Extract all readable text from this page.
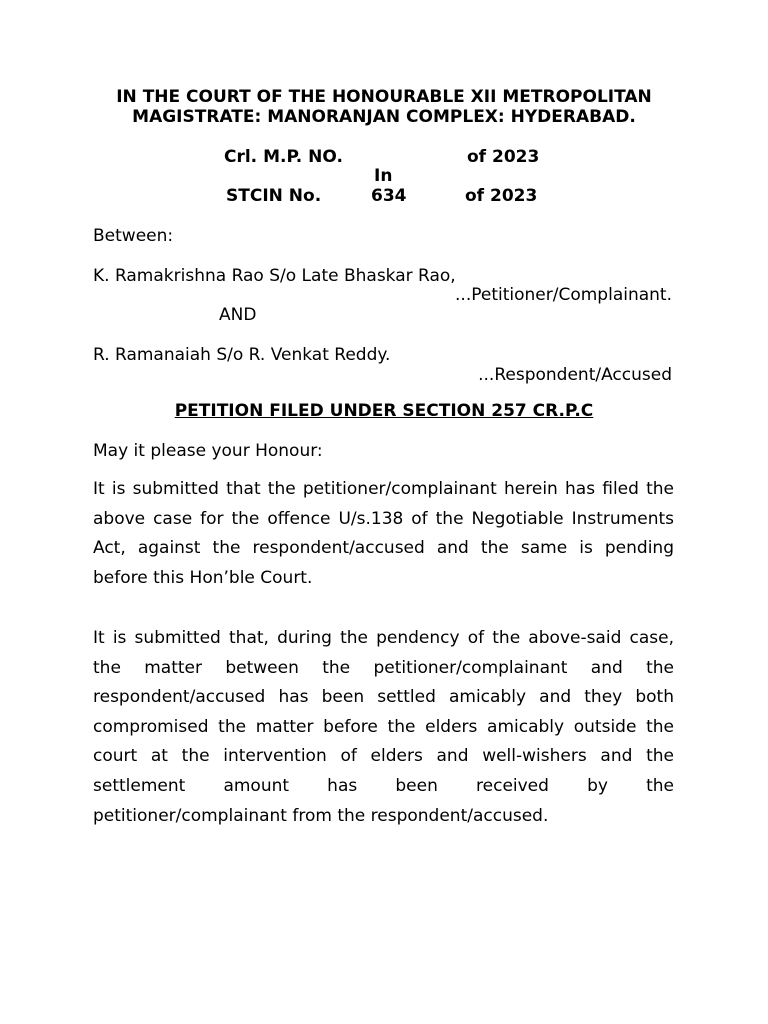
IN THE COURT OF THE HONOURABLE XII METROPOLITAN
MAGISTRATE: MANORANJAN COMPLEX: HYDERABAD.
Crl. M.P. NO.	of 2023
In
STCIN No.	634	of 2023
Between:
K. Ramakrishna Rao S/o Late Bhaskar Rao,
...Petitioner/Complainant.
AND
R. Ramanaiah S/o R. Venkat Reddy.
...Respondent/Accused
PETITION FILED UNDER SECTION 257 CR.P.C
May it please your Honour:

It is submitted that the petitioner/complainant herein has filed the above case for the offence U/s.138 of the Negotiable Instruments Act, against the respondent/accused and the same is pending before this Hon’ble Court.

It is submitted that, during the pendency of the above-said case, the matter between the petitioner/complainant and the respondent/accused has been settled amicably and they both compromised the matter before the elders amicably outside the court at the intervention of elders and well-wishers and the settlement amount has been received by the petitioner/complainant from the respondent/accused.
